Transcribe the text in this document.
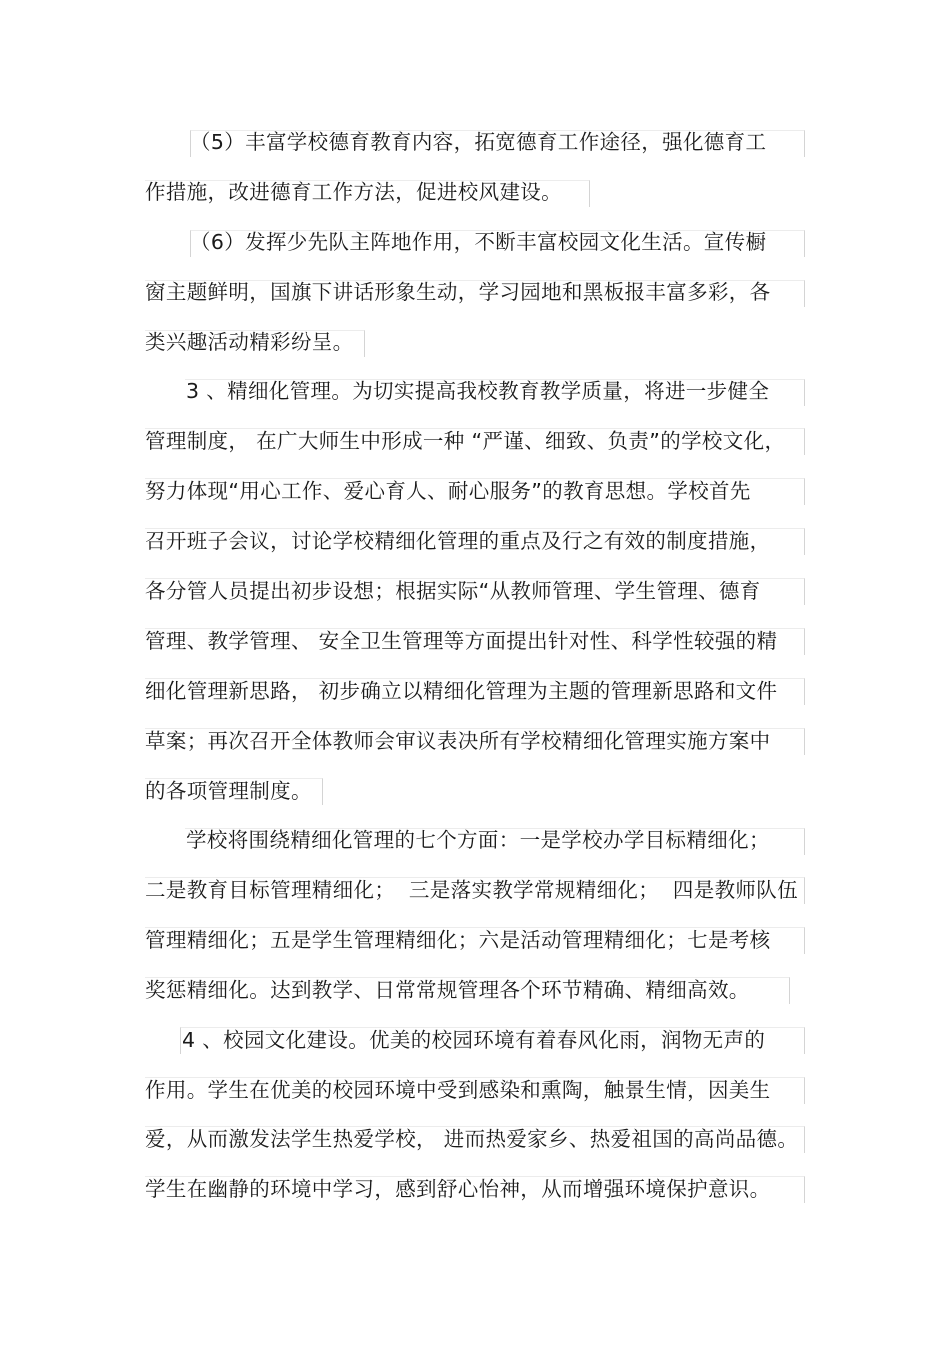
（5）丰富学校德育教育内容，拓宽德育工作途径，强化德育工
作措施，改进德育工作方法，促进校风建设。
（6）发挥少先队主阵地作用，不断丰富校园文化生活。宣传橱
窗主题鲜明，国旗下讲话形象生动，学习园地和黑板报丰富多彩，各
类兴趣活动精彩纷呈。
3 、精细化管理。为切实提高我校教育教学质量，将进一步健全
管理制度， 在广大师生中形成一种 “严谨、细致、负责”的学校文化，
努力体现“用心工作、爱心育人、耐心服务”的教育思想。学校首先
召开班子会议，讨论学校精细化管理的重点及行之有效的制度措施，
各分管人员提出初步设想；根据实际“从教师管理、学生管理、德育
管理、教学管理、 安全卫生管理等方面提出针对性、科学性较强的精
细化管理新思路， 初步确立以精细化管理为主题的管理新思路和文件
草案；再次召开全体教师会审议表决所有学校精细化管理实施方案中
的各项管理制度。
学校将围绕精细化管理的七个方面：一是学校办学目标精细化；
二是教育目标管理精细化；  三是落实教学常规精细化；  四是教师队伍
管理精细化；五是学生管理精细化；六是活动管理精细化；七是考核
奖惩精细化。达到教学、日常常规管理各个环节精确、精细高效。
4 、校园文化建设。优美的校园环境有着春风化雨，润物无声的
作用。学生在优美的校园环境中受到感染和熏陶，触景生情，因美生
爱，从而激发法学生热爱学校， 进而热爱家乡、热爱祖国的高尚品德。
学生在幽静的环境中学习，感到舒心怡神，从而增强环境保护意识。
